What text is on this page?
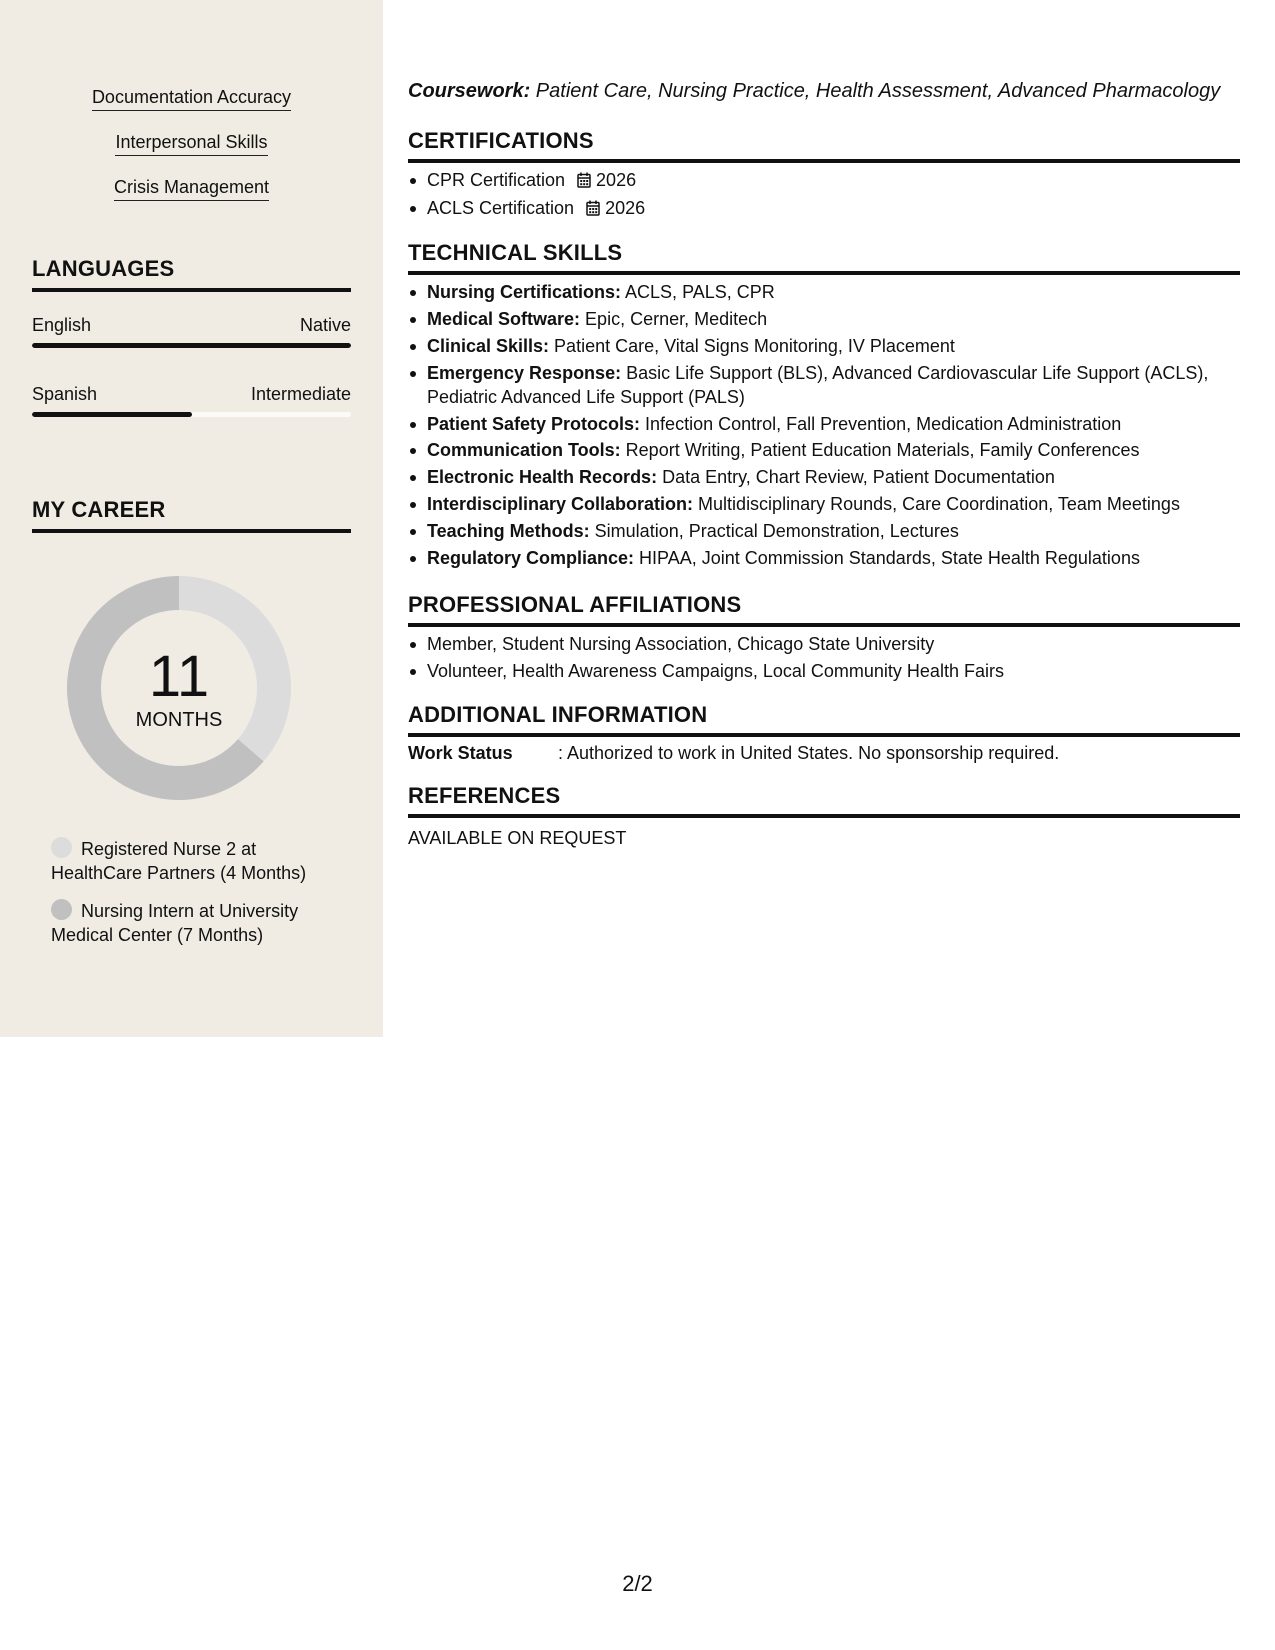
Documentation Accuracy
Interpersonal Skills
Crisis Management
LANGUAGES
English	Native
Spanish	Intermediate
MY CAREER
11
MONTHS
Registered Nurse 2 at HealthCare Partners (4 Months)
Nursing Intern at University Medical Center (7 Months)
Coursework: Patient Care, Nursing Practice, Health Assessment, Advanced Pharmacology
CERTIFICATIONS
CPR Certification 2026
ACLS Certification 2026
TECHNICAL SKILLS
Nursing Certifications: ACLS, PALS, CPR
Medical Software: Epic, Cerner, Meditech
Clinical Skills: Patient Care, Vital Signs Monitoring, IV Placement
Emergency Response: Basic Life Support (BLS), Advanced Cardiovascular Life Support (ACLS), Pediatric Advanced Life Support (PALS)
Patient Safety Protocols: Infection Control, Fall Prevention, Medication Administration
Communication Tools: Report Writing, Patient Education Materials, Family Conferences
Electronic Health Records: Data Entry, Chart Review, Patient Documentation
Interdisciplinary Collaboration: Multidisciplinary Rounds, Care Coordination, Team Meetings
Teaching Methods: Simulation, Practical Demonstration, Lectures
Regulatory Compliance: HIPAA, Joint Commission Standards, State Health Regulations
PROFESSIONAL AFFILIATIONS
Member, Student Nursing Association, Chicago State University
Volunteer, Health Awareness Campaigns, Local Community Health Fairs
ADDITIONAL INFORMATION
Work Status	: Authorized to work in United States. No sponsorship required.
REFERENCES
AVAILABLE ON REQUEST
2/2
